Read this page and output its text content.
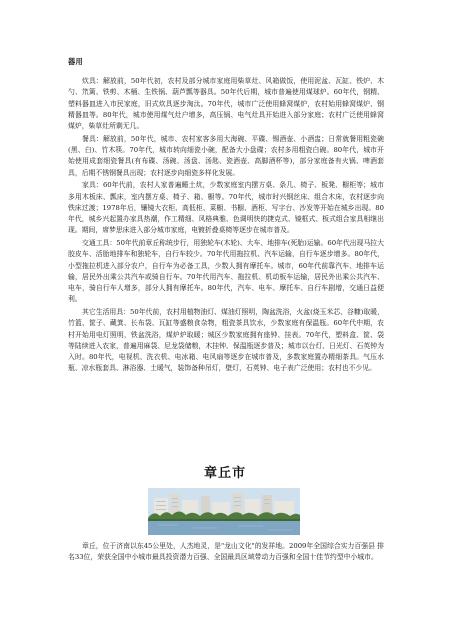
器用

炊具：解放前，50年代初，农村及部分城市家庭用柴草灶、风箱做饭，使用泥盆、瓦缸、铁炉、木勺、笊篱、铁剪、木桶、生铁锅、葫芦瓢等器具。50年代后期，城市普遍使用煤球炉。60年代，钢精、塑料器皿进入市民家庭，旧式炊具逐步淘汰。70年代，城市广泛使用蜂窝煤炉，农村始用蜂窝煤炉、钢精器皿等。80年代，城市使用煤气灶户增多，高压锅、电气灶具开始进入部分家庭；农村广泛使用蜂窝煤炉，柴草灶所剩无几。

餐具：解放前，50年代，城市、农村家客多用大海碗、平碟、锡酒壶、小酒盅；日常就餐用粗瓷碗(黑、白)、竹木筷。70年代，城市转向细瓷小碗，配备大小盘碟；农村多用粗瓷白碗。80年代，城市开始使用成套细瓷餐具(有布碟、汤碗、汤盘、汤匙、瓷酒壶、高脚酒杯等)，部分家庭备有火锅、啤酒套具，后期不锈钢餐具出现；农村逐步向细瓷多样化发展。

家具：60年代前，农村人家普遍睡土炕，少数家庭室内摆方桌、条几、椅子、板凳、橱柜等；城市多用木板床、瓢床，室内摆方桌、椅子、箱、橱等。70年代，城市时兴钢丝床、组合木床，农村逐步向铁床过渡；1978年后，镶镜大衣柜、高低柜、菜橱、书橱、酒柜、写字台、沙发等开始在城乡出现。80年代，城乡兴起置办家具热潮，作工精细、风格典雅、色调明快的捷克式、镜框式、板式组合家具相继出现。期间，席梦思床进入部分城市家庭，电镀折叠桌椅等逐步在城市普及。

交通工具：50年代前章丘称统步行，用独轮车(木轮)、大车、地排车(死胎)运输。60年代出现马拉大胶皮车、活胎地排车和独轮车，自行车较少。70年代用拖拉机、汽车运输，自行车逐步增多。80年代，小型拖拉机进入部分农户，自行车为必备工具，少数人拥有摩托车。城市，60年代前靠汽车、地排车运输，居民外出乘公共汽车或骑自行车。70年代用汽车、拖拉机、机动板车运输，居民外出乘公共汽车、电车，骑自行车人增多，部分人拥有摩托车。80年代，汽车、电车、摩托车、自行车剧增，交通日益便利。

其它生活用具：50年代前，农村用植物油灯、煤油灯照明，陶盆洗浴，火盆(烧玉米芯、谷糠)取暖，竹篮、筐子、藏箕、长布袋、瓦缸等盛粮食杂物，粗瓷茶具饮水，少数家庭有保温瓶。60年代中期，农村开始用电灯照明，铁盆洗浴，煤炉炉取暖；城区少数家庭拥有座钟、挂表。70年代，塑料盒、筐、袋等陆续进入农家，普遍用麻袋、尼龙袋储粮，木挂钟、保温瓶逐步普及；城市以台灯、日光灯、石英钟为入时。80年代，电视机、洗衣机、电冰箱、电风扇等逐步在城市普及，多数家庭置办精细茶具。气压水瓶、凉水瓶套具、淋浴器、土暖气，装饰备种吊灯，壁灯，石英钟、电子表广泛使用；农村也不少见。

章丘市

章丘，位于济南以东45公里处，人杰地灵，是"龙山文化"的发祥地。2009年全国综合实力百强县 排名33位，荣获全国中小城市最具投资潜力百强、全国最具区域带动力百强和全国十佳节约型中小城市。
